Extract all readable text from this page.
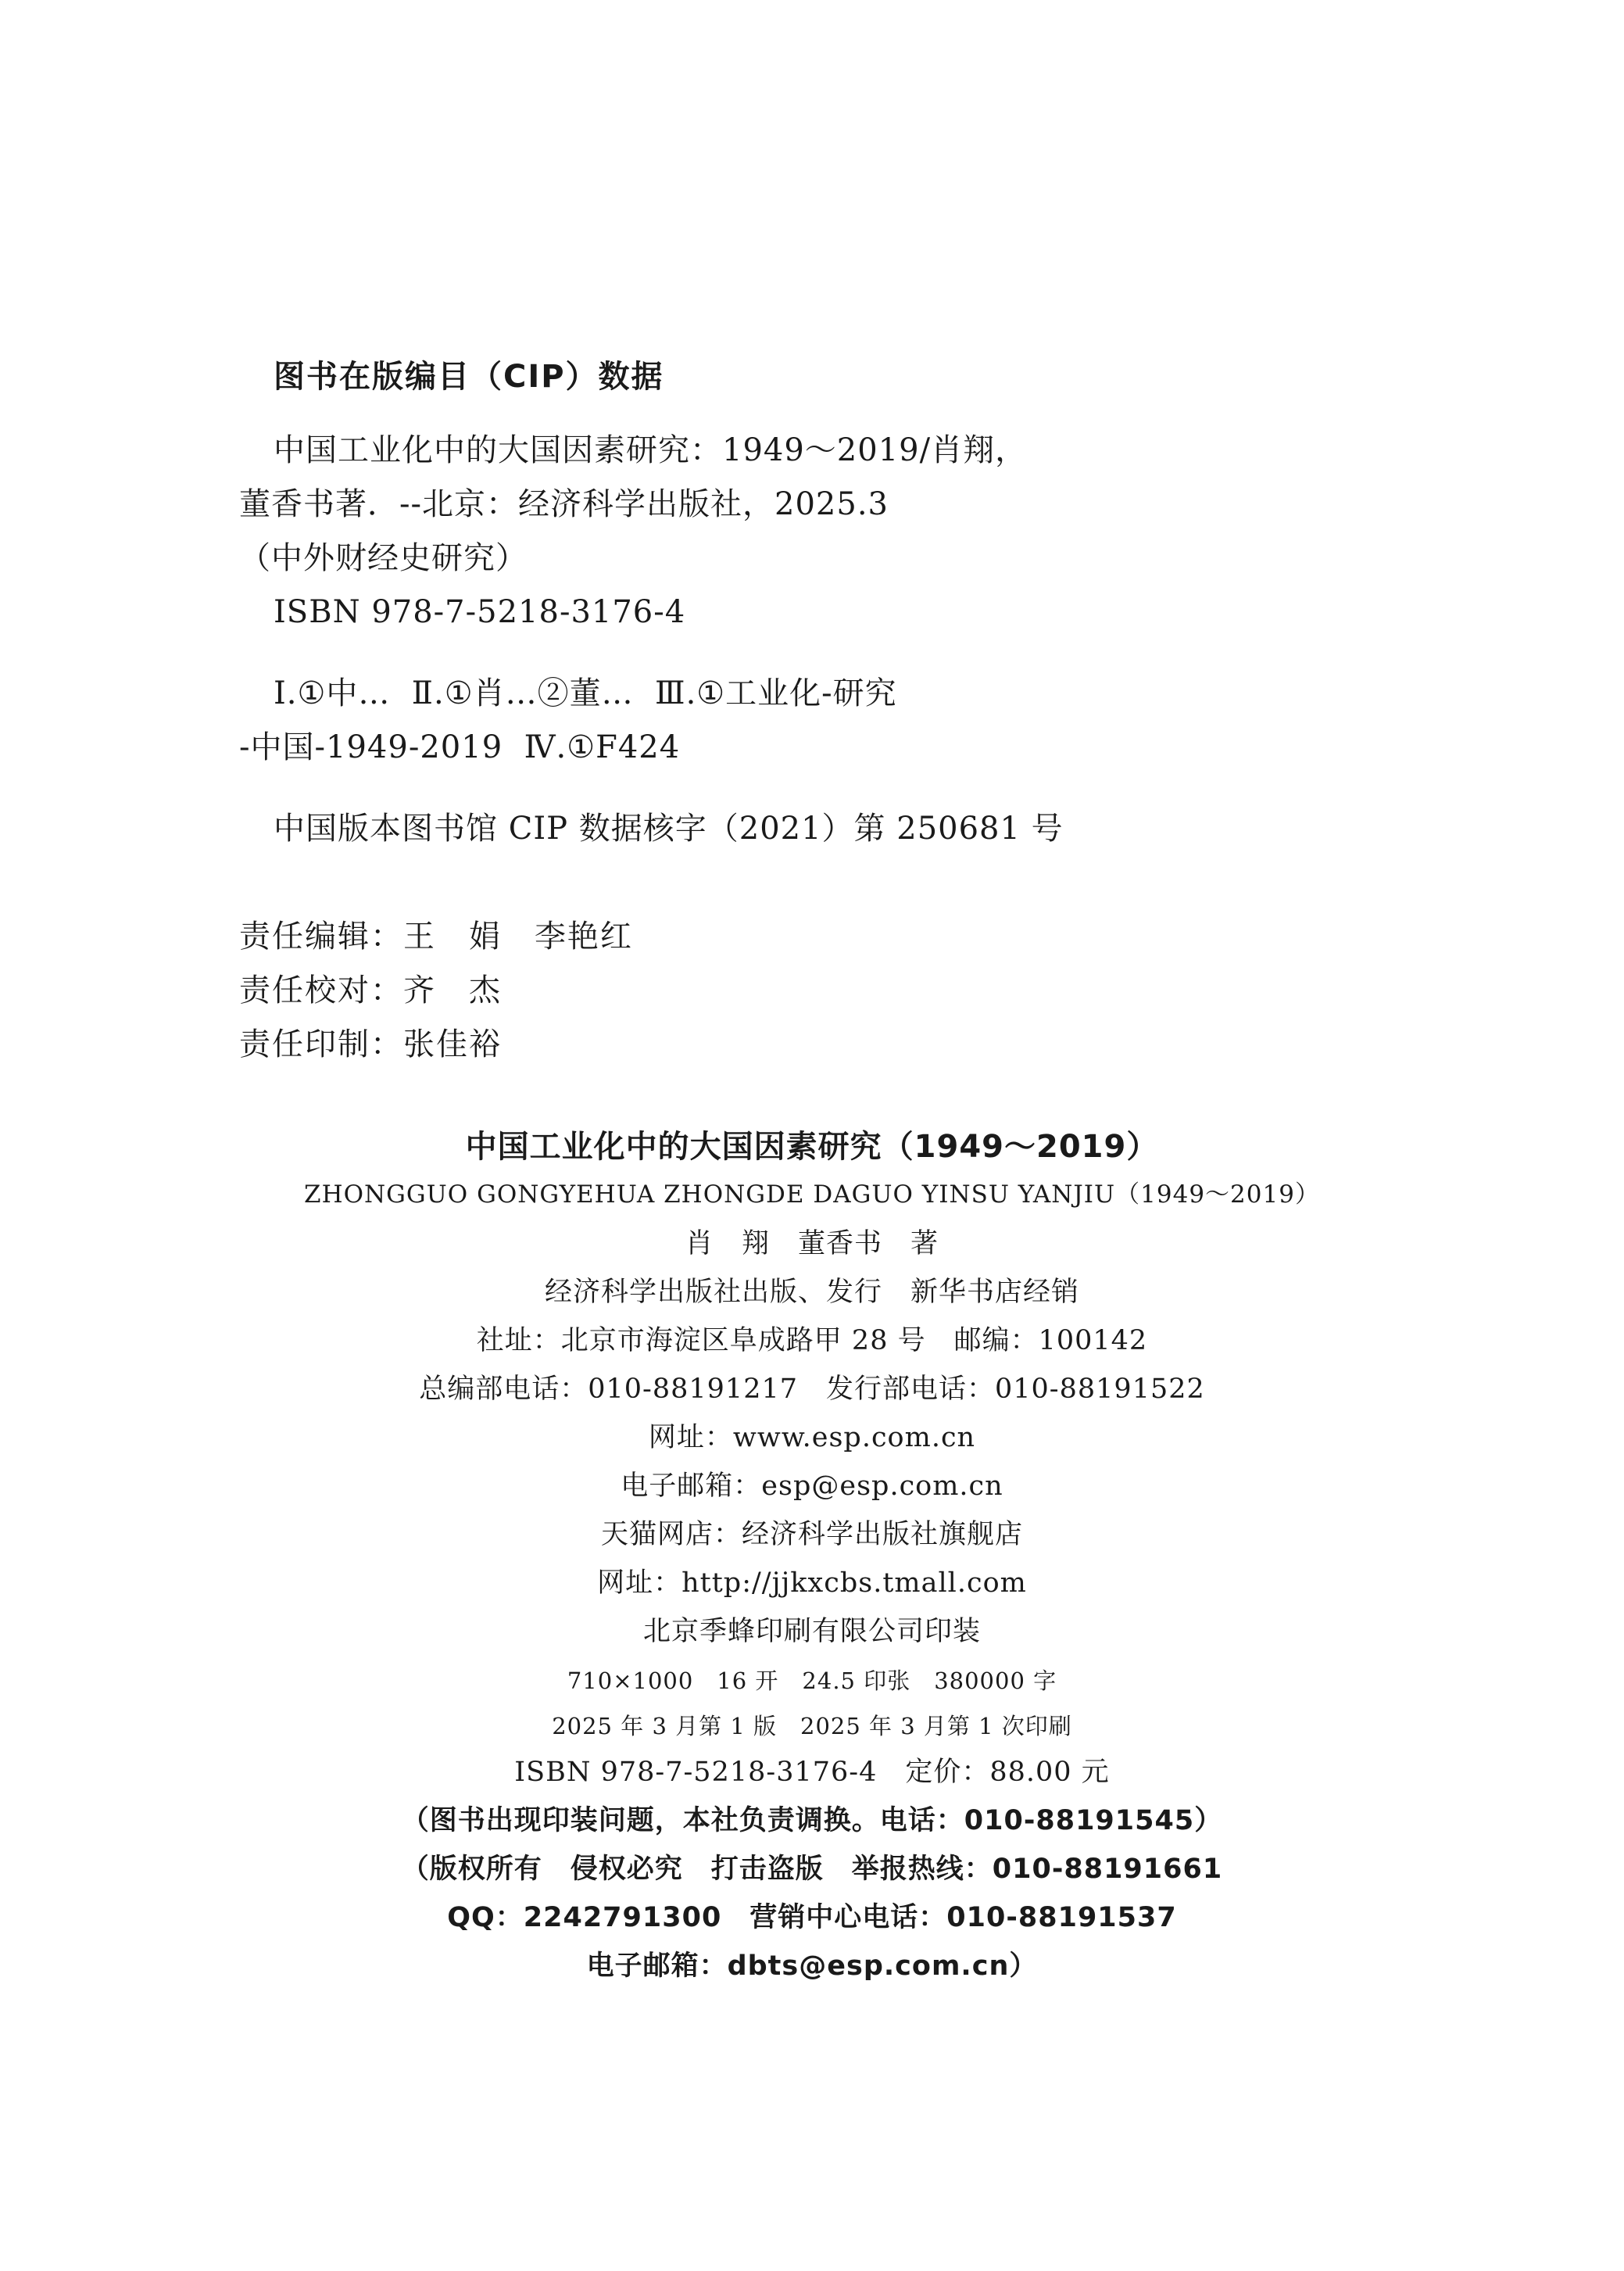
图书在版编目（CIP）数据
中国工业化中的大国因素研究：1949～2019/肖翔，
董香书著．--北京：经济科学出版社，2025.3
（中外财经史研究）
ISBN 978-7-5218-3176-4
Ⅰ.①中…  Ⅱ.①肖…②董…  Ⅲ.①工业化-研究
-中国-1949-2019  Ⅳ.①F424
中国版本图书馆 CIP 数据核字（2021）第 250681 号
责任编辑：王　娟　李艳红
责任校对：齐　杰
责任印制：张佳裕
中国工业化中的大国因素研究（1949～2019）
ZHONGGUO GONGYEHUA ZHONGDE DAGUO YINSU YANJIU（1949～2019）
肖　翔　董香书　著
经济科学出版社出版、发行　新华书店经销
社址：北京市海淀区阜成路甲 28 号　邮编：100142
总编部电话：010-88191217　发行部电话：010-88191522
网址：www.esp.com.cn
电子邮箱：esp@esp.com.cn
天猫网店：经济科学出版社旗舰店
网址：http://jjkxcbs.tmall.com
北京季蜂印刷有限公司印装
710×1000　16 开　24.5 印张　380000 字
2025 年 3 月第 1 版　2025 年 3 月第 1 次印刷
ISBN 978-7-5218-3176-4　定价：88.00 元
（图书出现印装问题，本社负责调换。电话：010-88191545）
（版权所有　侵权必究　打击盗版　举报热线：010-88191661
QQ：2242791300　营销中心电话：010-88191537
电子邮箱：dbts@esp.com.cn）
